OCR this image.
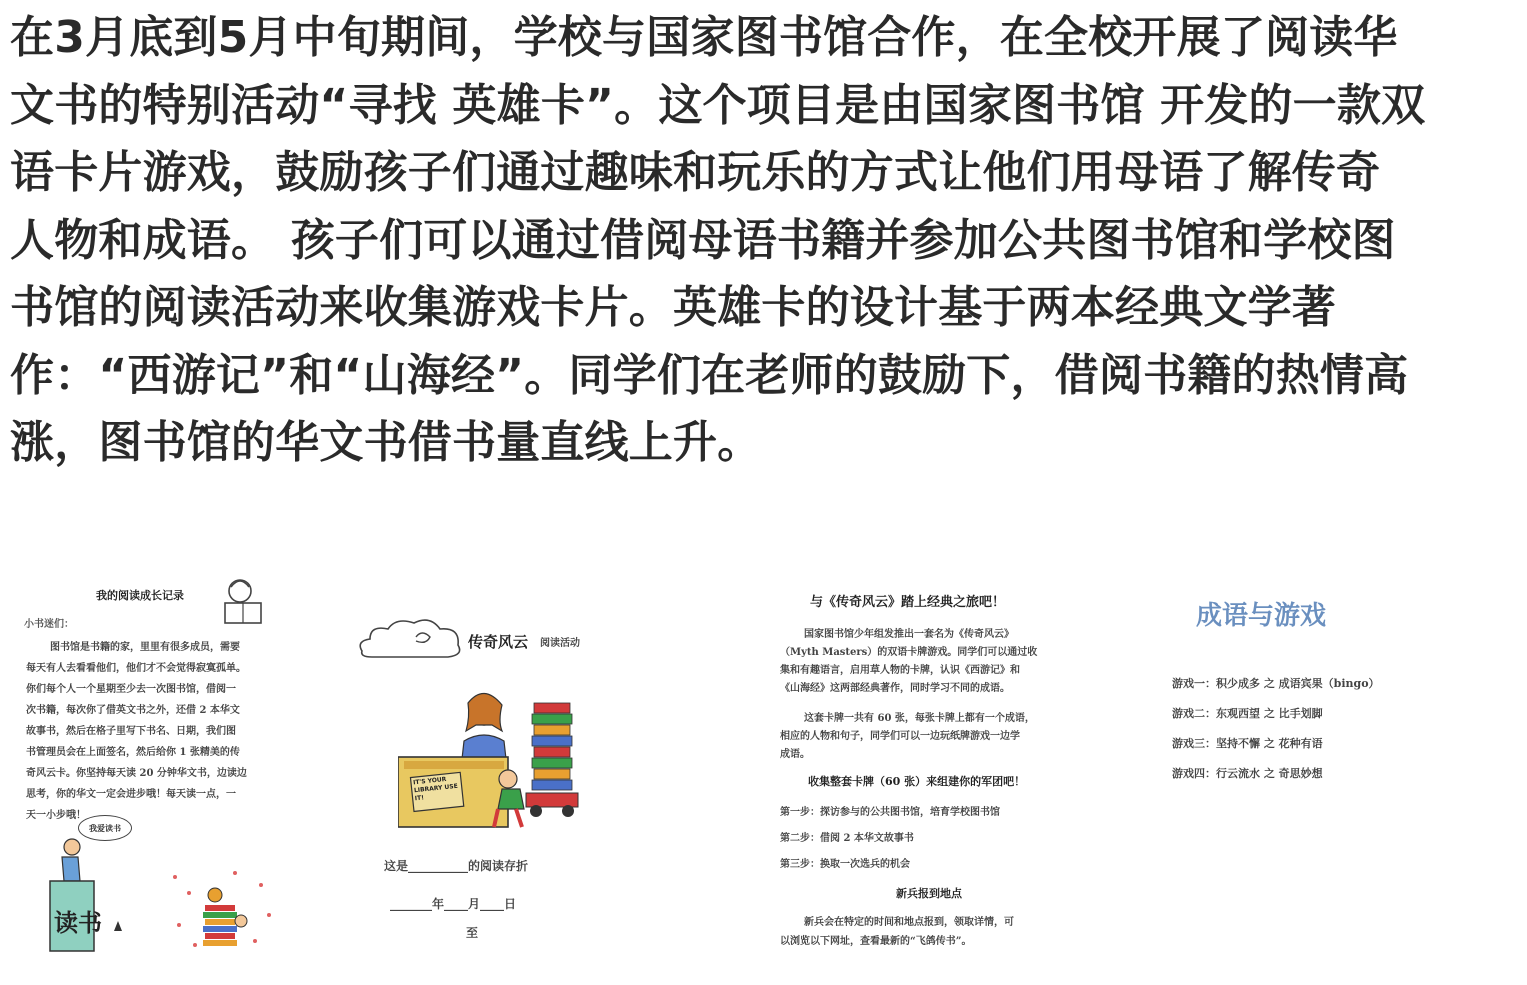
在3月底到5月中旬期间，学校与国家图书馆合作，在全校开展了阅读华

文书的特别活动“寻找 英雄卡”。这个项目是由国家图书馆 开发的一款双

语卡片游戏，鼓励孩子们通过趣味和玩乐的方式让他们用母语了解传奇

人物和成语。 孩子们可以通过借阅母语书籍并参加公共图书馆和学校图

书馆的阅读活动来收集游戏卡片。英雄卡的设计基于两本经典文学著

作：“西游记”和“山海经”。同学们在老师的鼓励下，借阅书籍的热情高

涨，图书馆的华文书借书量直线上升。

我的阅读成长记录
小书迷们：
图书馆是书籍的家，里里有很多成员，需要
每天有人去看看他们，他们才不会觉得寂寞孤单。
你们每个人一个星期至少去一次图书馆，借阅一
次书籍，每次你了借英文书之外，还借 2 本华文
故事书，然后在格子里写下书名、日期，我们图
书管理员会在上面签名，然后给你 1 张精美的传
奇风云卡。你坚持每天读 20 分钟华文书，边读边
思考，你的华文一定会进步哦！每天读一点，一
天一小步哦！
我爱读书
读书
传奇风云 阅读活动
IT'S YOUR LIBRARY USE IT!
这是__________的阅读存折
_______年____月____日
至
与《传奇风云》踏上经典之旅吧！
国家图书馆少年组发推出一套名为《传奇风云》
（Myth Masters）的双语卡牌游戏。同学们可以通过收
集和有趣语言，启用草人物的卡牌，认识《西游记》和
《山海经》这两部经典著作，同时学习不同的成语。
这套卡牌一共有 60 张，每张卡牌上都有一个成语，
相应的人物和句子，同学们可以一边玩纸牌游戏一边学
成语。
收集整套卡牌（60 张）来组建你的军团吧！
第一步：探访参与的公共图书馆，培育学校图书馆
第二步：借阅 2 本华文故事书
第三步：换取一次选兵的机会
新兵报到地点
新兵会在特定的时间和地点报到，领取详情，可
以浏览以下网址，查看最新的“飞鸽传书”。
成语与游戏
游戏一：积少成多 之 成语宾果（bingo）
游戏二：东观西望 之 比手划脚
游戏三：坚持不懈 之 花种有语
游戏四：行云流水 之 奇思妙想
